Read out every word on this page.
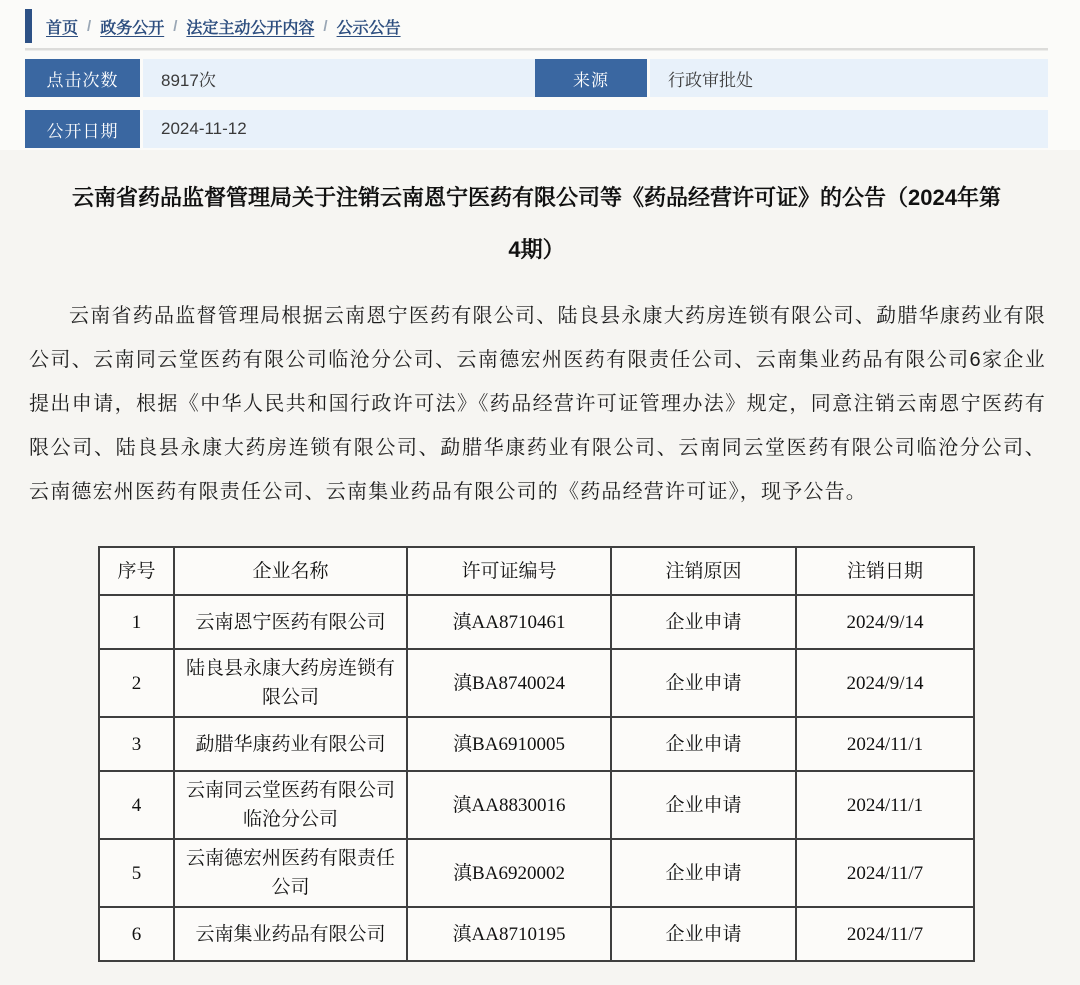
首页 / 政务公开 / 法定主动公开内容 / 公示公告
点击次数	8917次	来源	行政审批处
公开日期	2024-11-12
云南省药品监督管理局关于注销云南恩宁医药有限公司等《药品经营许可证》的公告（2024年第4期）

云南省药品监督管理局根据云南恩宁医药有限公司、陆良县永康大药房连锁有限公司、勐腊华康药业有限公司、云南同云堂医药有限公司临沧分公司、云南德宏州医药有限责任公司、云南集业药品有限公司6家企业提出申请，根据《中华人民共和国行政许可法》《药品经营许可证管理办法》规定，同意注销云南恩宁医药有限公司、陆良县永康大药房连锁有限公司、勐腊华康药业有限公司、云南同云堂医药有限公司临沧分公司、云南德宏州医药有限责任公司、云南集业药品有限公司的《药品经营许可证》，现予公告。

序号	企业名称	许可证编号	注销原因	注销日期
1	云南恩宁医药有限公司	滇AA8710461	企业申请	2024/9/14
2	陆良县永康大药房连锁有限公司	滇BA8740024	企业申请	2024/9/14
3	勐腊华康药业有限公司	滇BA6910005	企业申请	2024/11/1
4	云南同云堂医药有限公司临沧分公司	滇AA8830016	企业申请	2024/11/1
5	云南德宏州医药有限责任公司	滇BA6920002	企业申请	2024/11/7
6	云南集业药品有限公司	滇AA8710195	企业申请	2024/11/7
